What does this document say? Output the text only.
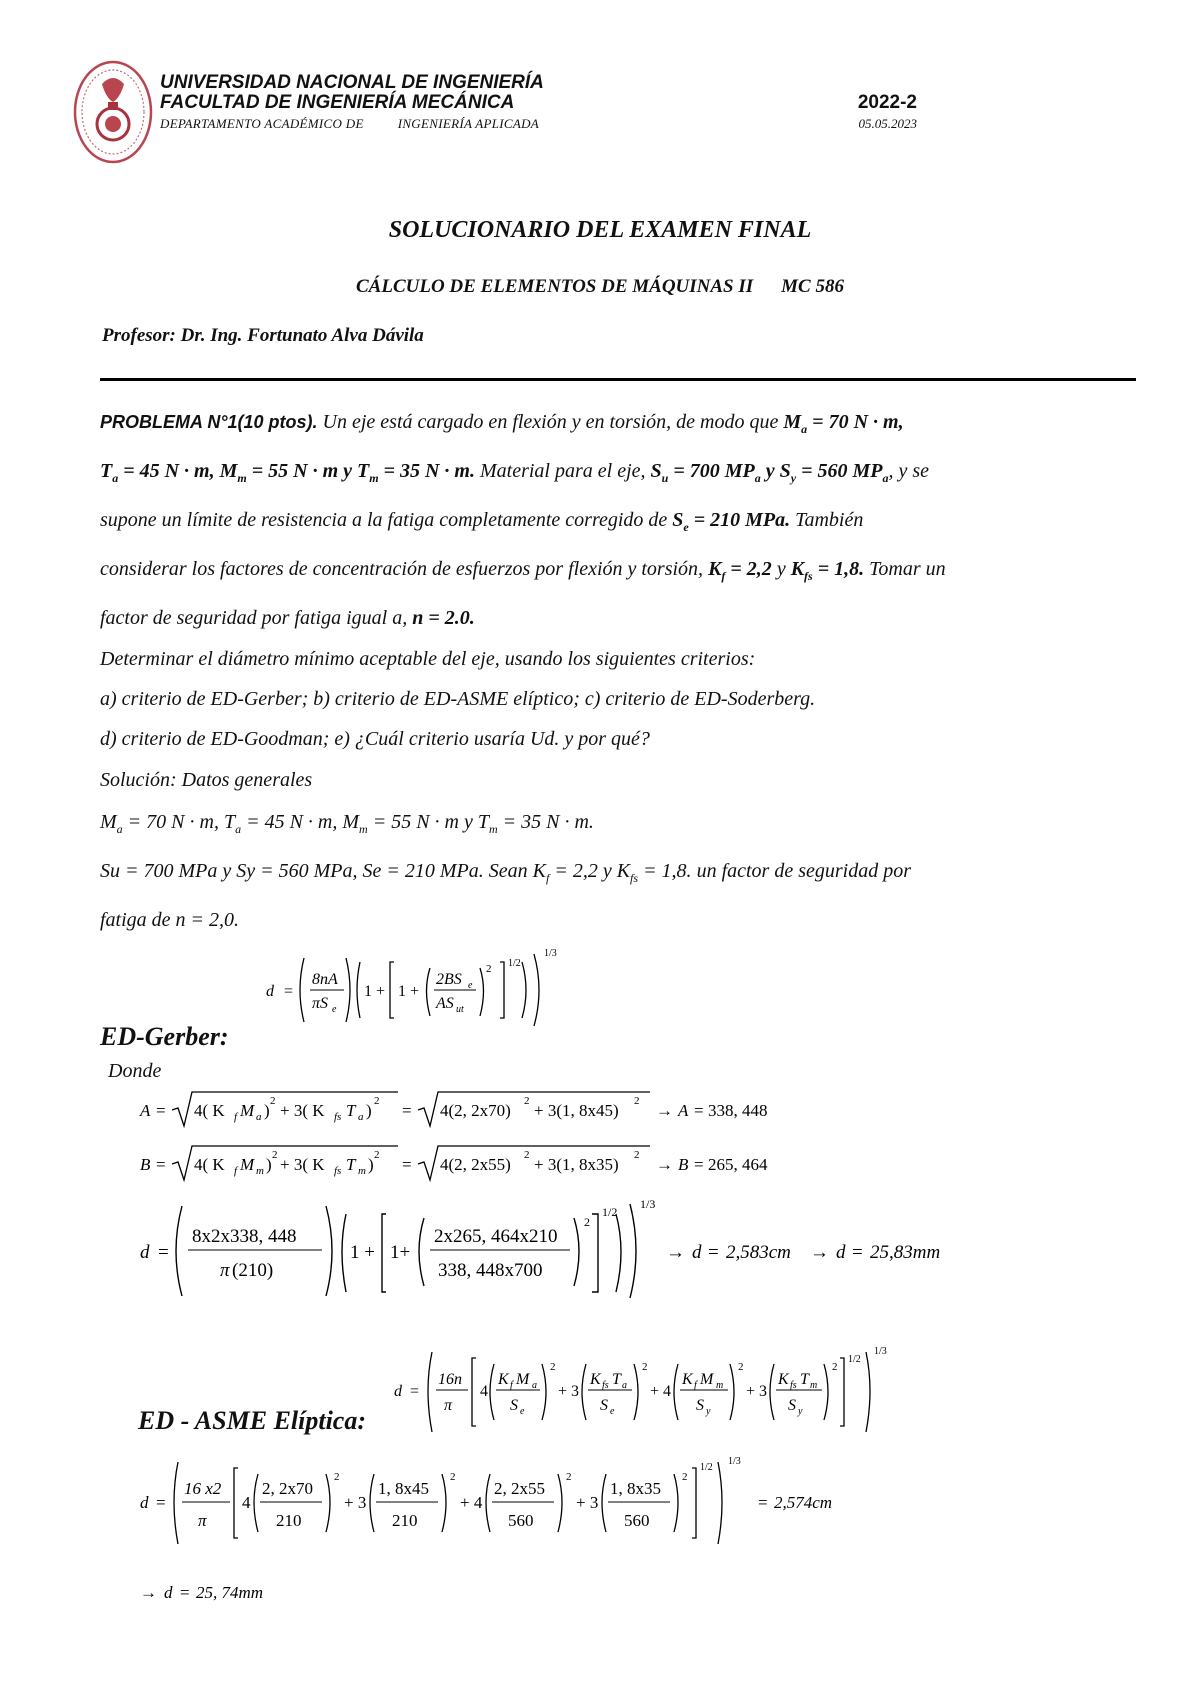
UNIVERSIDAD NACIONAL DE INGENIERÍA
FACULTAD DE INGENIERÍA MECÁNICA
DEPARTAMENTO ACADÉMICO DE	INGENIERÍA APLICADA
2022-2
05.05.2023
SOLUCIONARIO DEL EXAMEN FINAL
CÁLCULO DE ELEMENTOS DE MÁQUINAS II MC 586
Profesor: Dr. Ing. Fortunato Alva Dávila

PROBLEMA N°1(10 ptos). Un eje está cargado en flexión y en torsión, de modo que $M_a = 70$ N · m,

$T_a = 45$ N · m, $M_m = 55$ N · m y $T_m = 35$ N · m. Material para el eje, $S_u = 700$ $MP_a$ y $S_y = 560$ $MP_a$, y se

supone un límite de resistencia a la fatiga completamente corregido de $S_e = 210$ MPa. También

considerar los factores de concentración de esfuerzos por flexión y torsión, $K_f = 2,2$ y $K_{fs} = 1,8$. Tomar un

factor de seguridad por fatiga igual a, n = 2.0.

Determinar el diámetro mínimo aceptable del eje, usando los siguientes criterios:

a) criterio de ED-Gerber; b) criterio de ED-ASME elíptico; c) criterio de ED-Soderberg.

d) criterio de ED-Goodman; e) ¿Cuál criterio usaría Ud. y por qué?

Solución: Datos generales

$M_a = 70$ N · m, $T_a = 45$ N · m, $M_m = 55$ N · m y $T_m = 35$ N · m.

Su = 700 MPa y Sy = 560 MPa, Se = 210 MPa. Sean $K_f = 2,2$ y $K_{fs} = 1,8$. un factor de seguridad por

fatiga de n = 2,0.

d =
8nA
πS e
1 + 1 +
2BS e
AS ut
2 1/2
1/3
ED-Gerber:
Donde
A = 4( K f M a ) 2 + 3( K fs T a ) 2 = 4(2, 2x70) 2 + 3(1, 8x45) 2 → A = 338, 448
B = 4( K f M m ) 2 + 3( K fs T m ) 2 = 4(2, 2x55) 2 + 3(1, 8x35) 2 → B = 265, 464
d =
8x2x338, 448
π (210)
1 + 1+
2x265, 464x210
338, 448x700
2
1/2
1/3
→ d = 2,583cm → d = 25,83mm
d =
16n
π
4
K f M a
S e
2
+ 3
K fs T a
S e
2
+ 4
K f M m
S y
2
+ 3
K fs T m
S y
2
1/2
1/3
ED - ASME Elíptica:
d =
16 x2
π
4
2, 2x70
210
2
+ 3
1, 8x45
210
2
+ 4
2, 2x55
560
2
+ 3
1, 8x35
560
2
1/2
1/3
= 2,574cm
→ d = 25, 74mm
